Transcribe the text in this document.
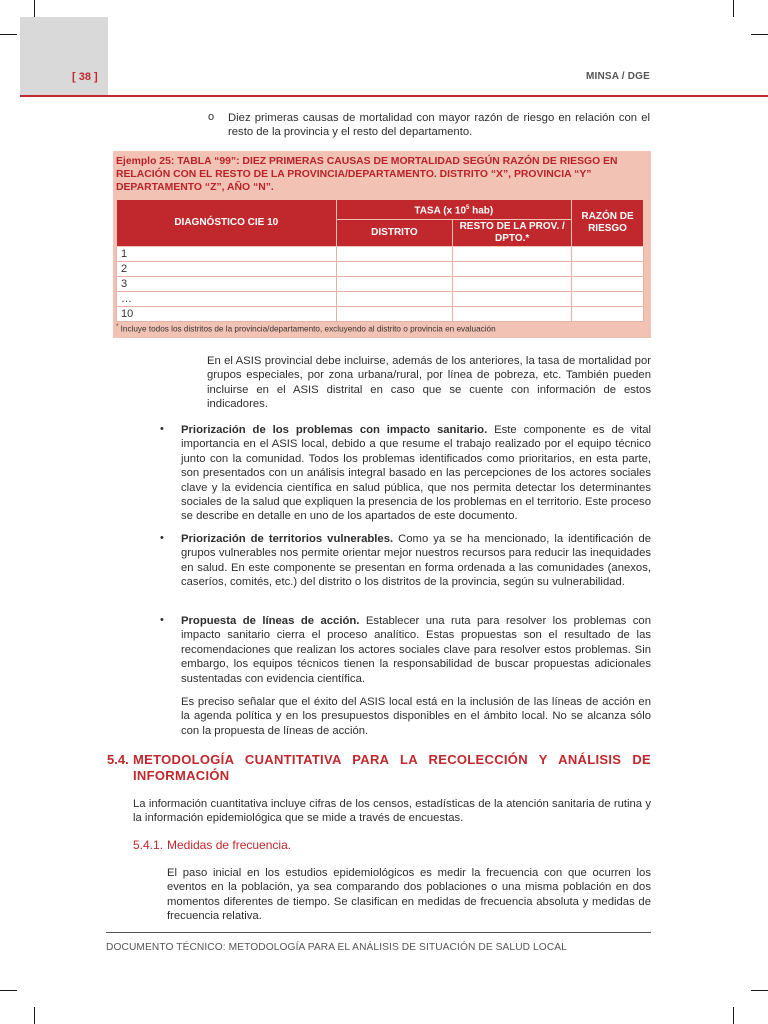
[ 38 ]	MINSA / DGE
o Diez primeras causas de mortalidad con mayor razón de riesgo en relación con el resto de la provincia y el resto del departamento.
Ejemplo 25: TABLA “99”: DIEZ PRIMERAS CAUSAS DE MORTALIDAD SEGÚN RAZÓN DE RIESGO EN RELACIÓN CON EL RESTO DE LA PROVINCIA/DEPARTAMENTO. DISTRITO “X”, PROVINCIA “Y” DEPARTAMENTO “Z”, AÑO “N”.
DIAGNÓSTICO CIE 10	TASA (x $10^5$ hab)		RAZÓN DE RIESGO
	DISTRITO	RESTO DE LA PROV. / DPTO.*	
1			
2			
3			
…			
10			
* Incluye todos los distritos de la provincia/departamento, excluyendo al distrito o provincia en evaluación
En el ASIS provincial debe incluirse, además de los anteriores, la tasa de mortalidad por grupos especiales, por zona urbana/rural, por línea de pobreza, etc. También pueden incluirse en el ASIS distrital en caso que se cuente con información de estos indicadores.
• Priorización de los problemas con impacto sanitario. Este componente es de vital importancia en el ASIS local, debido a que resume el trabajo realizado por el equipo técnico junto con la comunidad. Todos los problemas identificados como prioritarios, en esta parte, son presentados con un análisis integral basado en las percepciones de los actores sociales clave y la evidencia científica en salud pública, que nos permita detectar los determinantes sociales de la salud que expliquen la presencia de los problemas en el territorio. Este proceso se describe en detalle en uno de los apartados de este documento.
• Priorización de territorios vulnerables. Como ya se ha mencionado, la identificación de grupos vulnerables nos permite orientar mejor nuestros recursos para reducir las inequidades en salud. En este componente se presentan en forma ordenada a las comunidades (anexos, caseríos, comités, etc.) del distrito o los distritos de la provincia, según su vulnerabilidad.
• Propuesta de líneas de acción. Establecer una ruta para resolver los problemas con impacto sanitario cierra el proceso analítico. Estas propuestas son el resultado de las recomendaciones que realizan los actores sociales clave para resolver estos problemas. Sin embargo, los equipos técnicos tienen la responsabilidad de buscar propuestas adicionales sustentadas con evidencia científica.
Es preciso señalar que el éxito del ASIS local está en la inclusión de las líneas de acción en la agenda política y en los presupuestos disponibles en el ámbito local. No se alcanza sólo con la propuesta de líneas de acción.
5.4. METODOLOGÍA CUANTITATIVA PARA LA RECOLECCIÓN Y ANÁLISIS DE INFORMACIÓN
La información cuantitativa incluye cifras de los censos, estadísticas de la atención sanitaria de rutina y la información epidemiológica que se mide a través de encuestas.
5.4.1. Medidas de frecuencia.
El paso inicial en los estudios epidemiológicos es medir la frecuencia con que ocurren los eventos en la población, ya sea comparando dos poblaciones o una misma población en dos momentos diferentes de tiempo. Se clasifican en medidas de frecuencia absoluta y medidas de frecuencia relativa.
DOCUMENTO TÉCNICO: METODOLOGÍA PARA EL ANÁLISIS DE SITUACIÓN DE SALUD LOCAL
